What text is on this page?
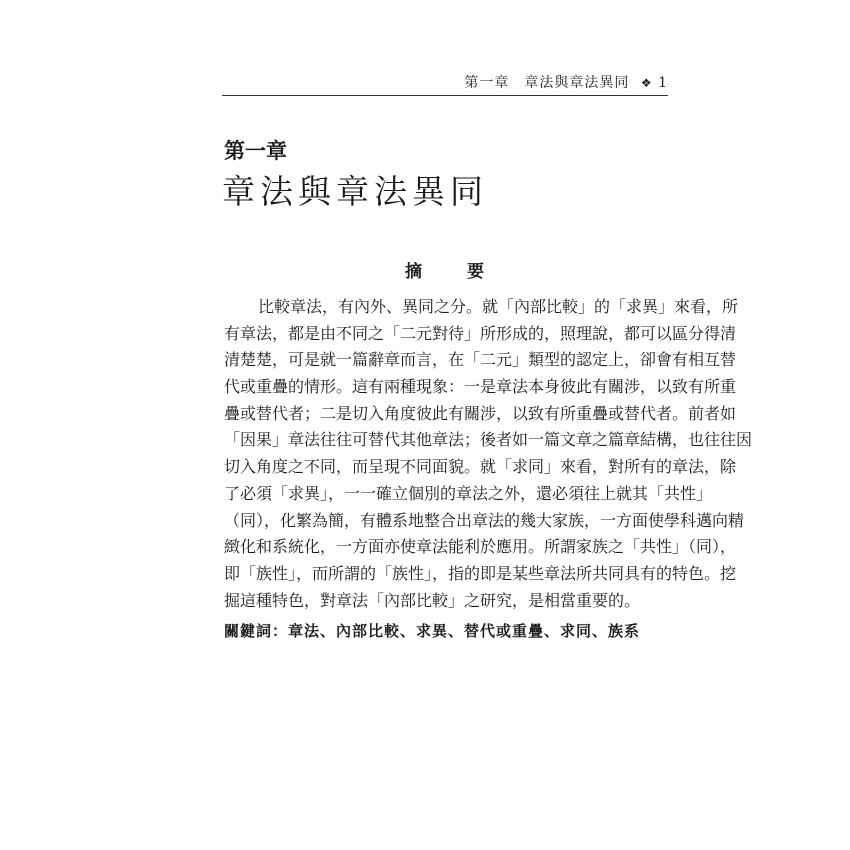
第一章　章法與章法異同 ❖ 1
第一章
章法與章法異同
摘　要
比較章法，有內外、異同之分。就「內部比較」的「求異」來看，所
有章法，都是由不同之「二元對待」所形成的，照理說，都可以區分得清
清楚楚，可是就一篇辭章而言，在「二元」類型的認定上，卻會有相互替
代或重疊的情形。這有兩種現象：一是章法本身彼此有關涉，以致有所重
疊或替代者；二是切入角度彼此有關涉，以致有所重疊或替代者。前者如
「因果」章法往往可替代其他章法；後者如一篇文章之篇章結構，也往往因
切入角度之不同，而呈現不同面貌。就「求同」來看，對所有的章法，除
了必須「求異」，一一確立個別的章法之外，還必須往上就其「共性」
（同），化繁為簡，有體系地整合出章法的幾大家族，一方面使學科邁向精
緻化和系統化，一方面亦使章法能利於應用。所謂家族之「共性」（同），
即「族性」，而所謂的「族性」，指的即是某些章法所共同具有的特色。挖
掘這種特色，對章法「內部比較」之研究，是相當重要的。
關鍵詞：章法、內部比較、求異、替代或重疊、求同、族系
